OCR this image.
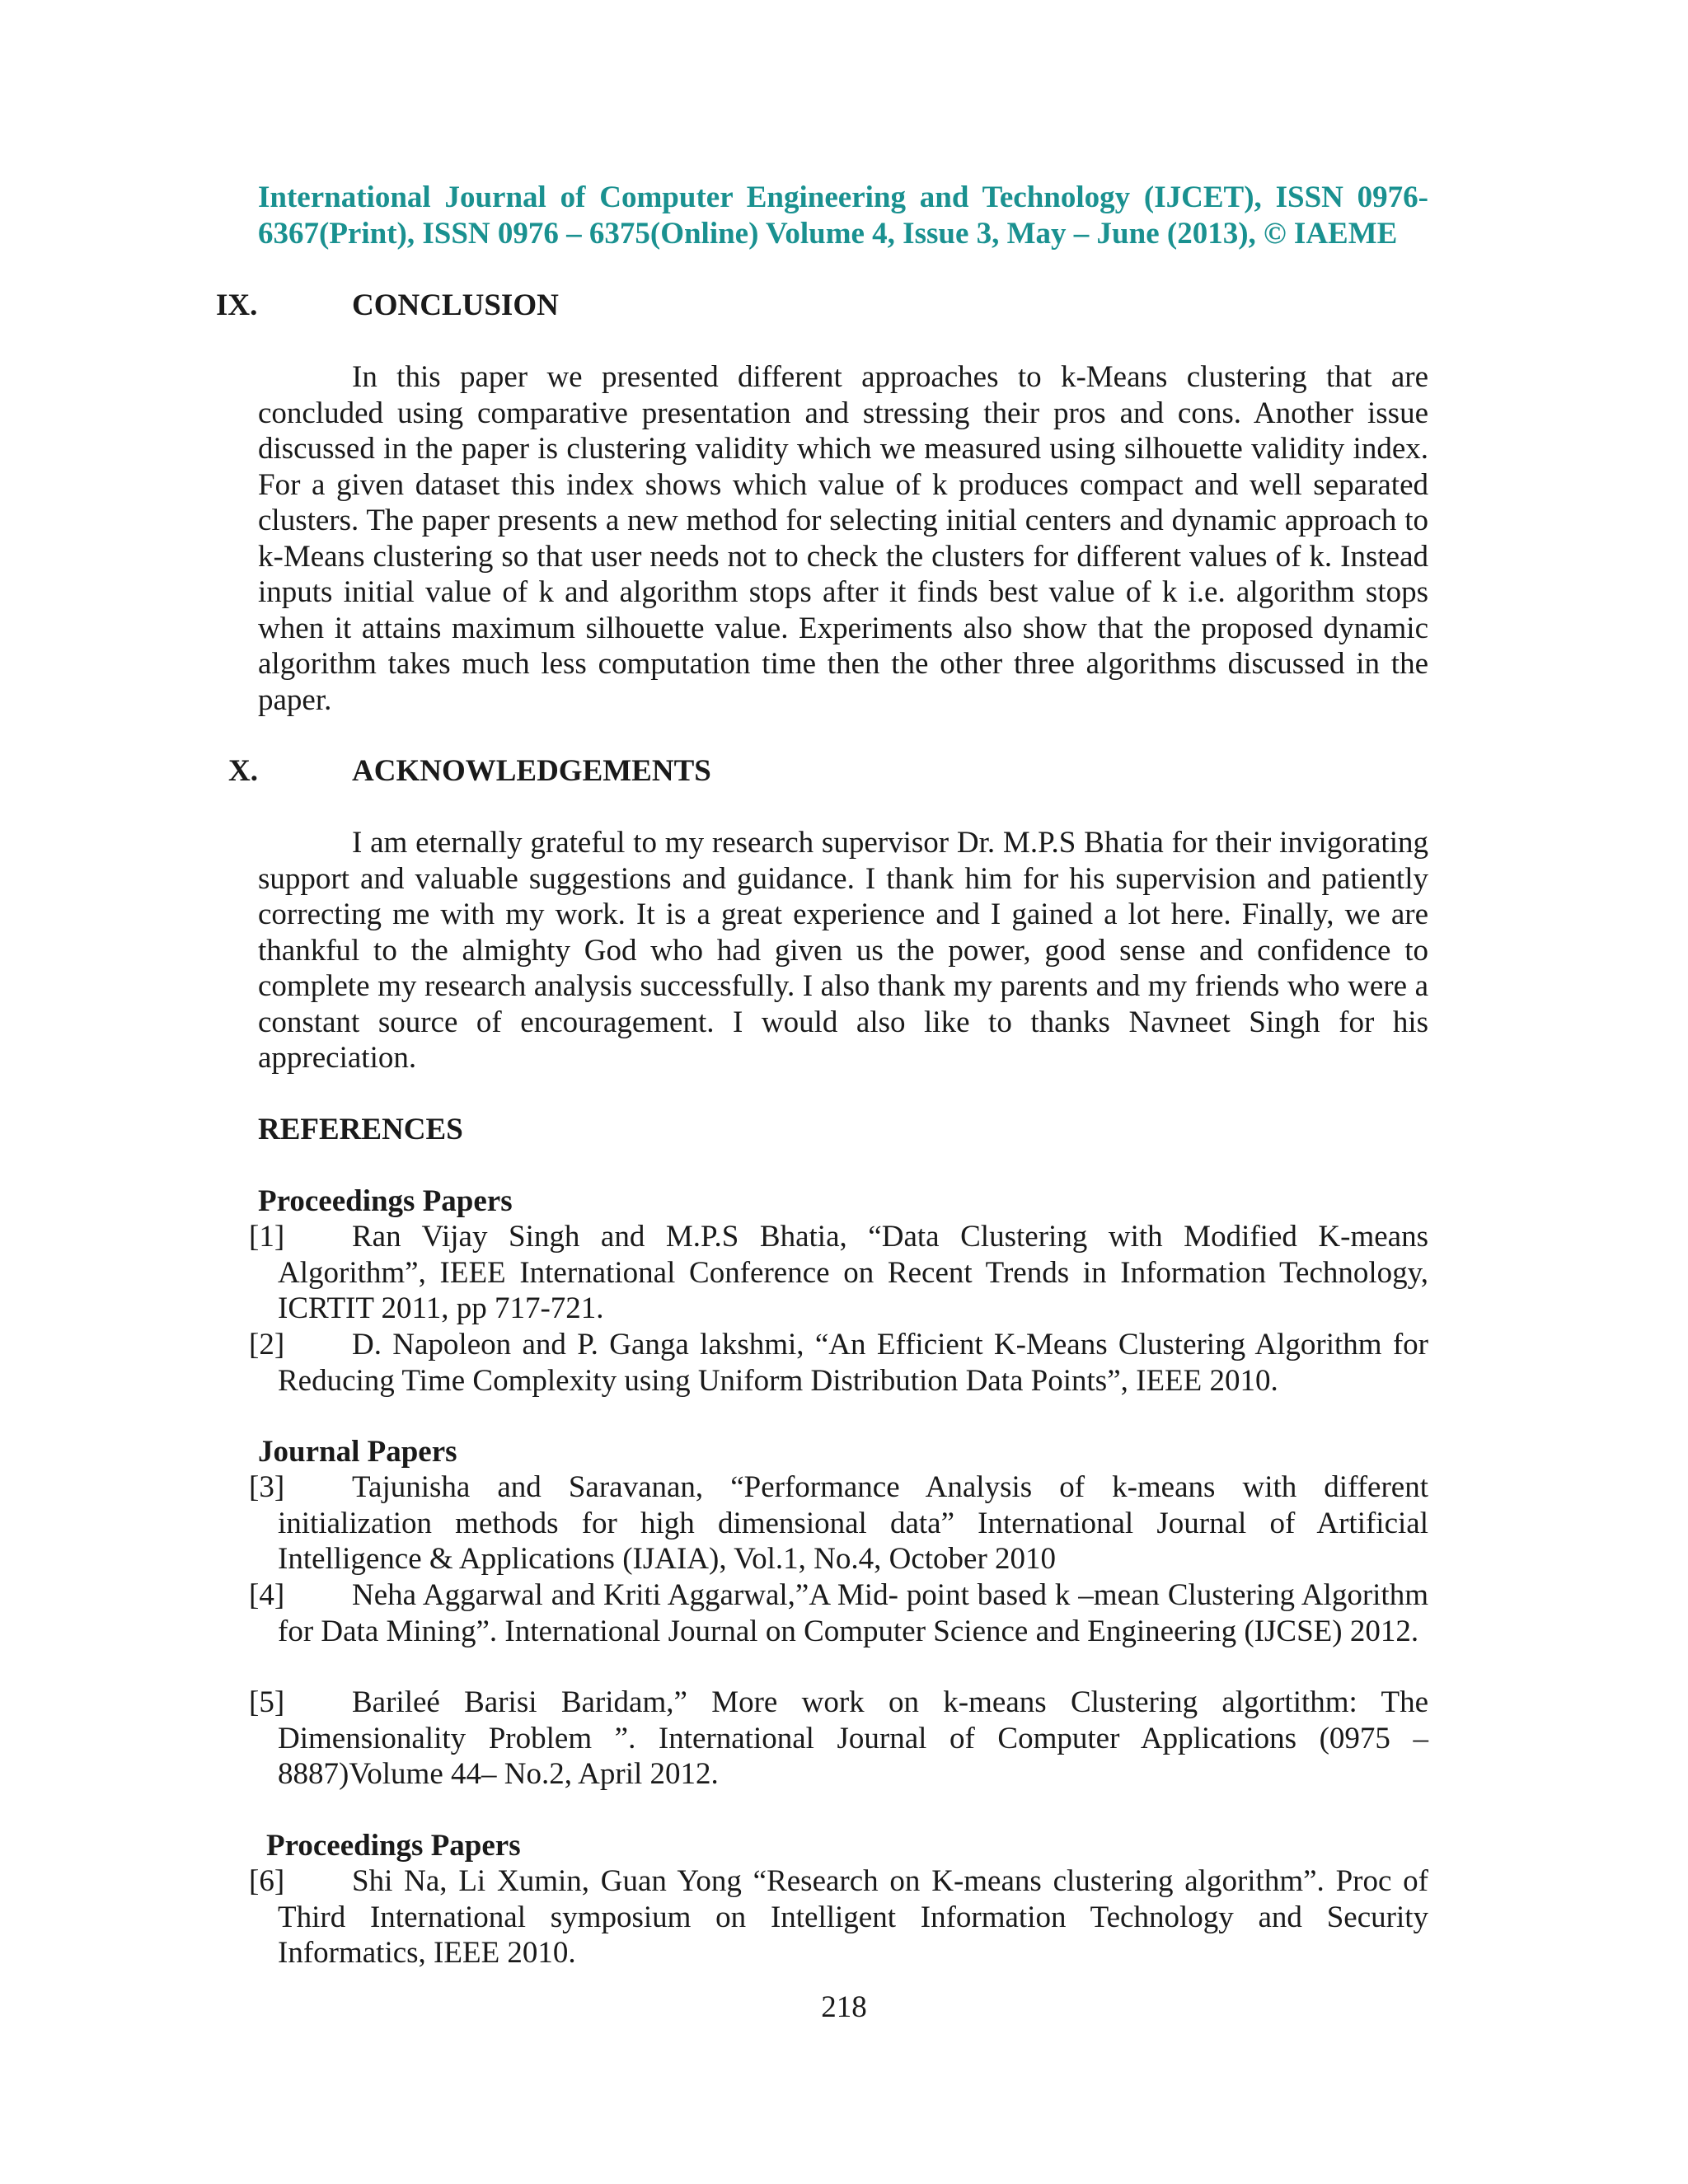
International Journal of Computer Engineering and Technology (IJCET), ISSN 0976-6367(Print), ISSN 0976 – 6375(Online) Volume 4, Issue 3, May – June (2013), © IAEME
IX.	CONCLUSION

In this paper we presented different approaches to k-Means clustering that are concluded using comparative presentation and stressing their pros and cons. Another issue discussed in the paper is clustering validity which we measured using silhouette validity index. For a given dataset this index shows which value of k produces compact and well separated clusters. The paper presents a new method for selecting initial centers and dynamic approach to k-Means clustering so that user needs not to check the clusters for different values of k. Instead inputs initial value of k and algorithm stops after it finds best value of k i.e. algorithm stops when it attains maximum silhouette value. Experiments also show that the proposed dynamic algorithm takes much less computation time then the other three algorithms discussed in the paper.

X.	ACKNOWLEDGEMENTS

I am eternally grateful to my research supervisor Dr. M.P.S Bhatia for their invigorating support and valuable suggestions and guidance. I thank him for his supervision and patiently correcting me with my work. It is a great experience and I gained a lot here. Finally, we are thankful to the almighty God who had given us the power, good sense and confidence to complete my research analysis successfully. I also thank my parents and my friends who were a constant source of encouragement. I would also like to thanks Navneet Singh for his appreciation.

REFERENCES
Proceedings Papers
[1]	Ran Vijay Singh and M.P.S Bhatia, “Data Clustering with Modified K-means Algorithm”, IEEE International Conference on Recent Trends in Information Technology, ICRTIT 2011, pp 717-721.
[2]	D. Napoleon and P. Ganga lakshmi, “An Efficient K-Means Clustering Algorithm for Reducing Time Complexity using Uniform Distribution Data Points”, IEEE 2010.
Journal Papers
[3]	Tajunisha and Saravanan, “Performance Analysis of k-means with different initialization methods for high dimensional data” International Journal of Artificial Intelligence & Applications (IJAIA), Vol.1, No.4, October 2010
[4]	Neha Aggarwal and Kriti Aggarwal,”A Mid- point based k –mean Clustering Algorithm for Data Mining”. International Journal on Computer Science and Engineering (IJCSE) 2012.
[5]	Barileé Barisi Baridam,” More work on k-means Clustering algortithm: The Dimensionality Problem ”. International Journal of Computer Applications (0975 – 8887)Volume 44– No.2, April 2012.
Proceedings Papers
[6]	Shi Na, Li Xumin, Guan Yong “Research on K-means clustering algorithm”. Proc of Third International symposium on Intelligent Information Technology and Security Informatics, IEEE 2010.
218
